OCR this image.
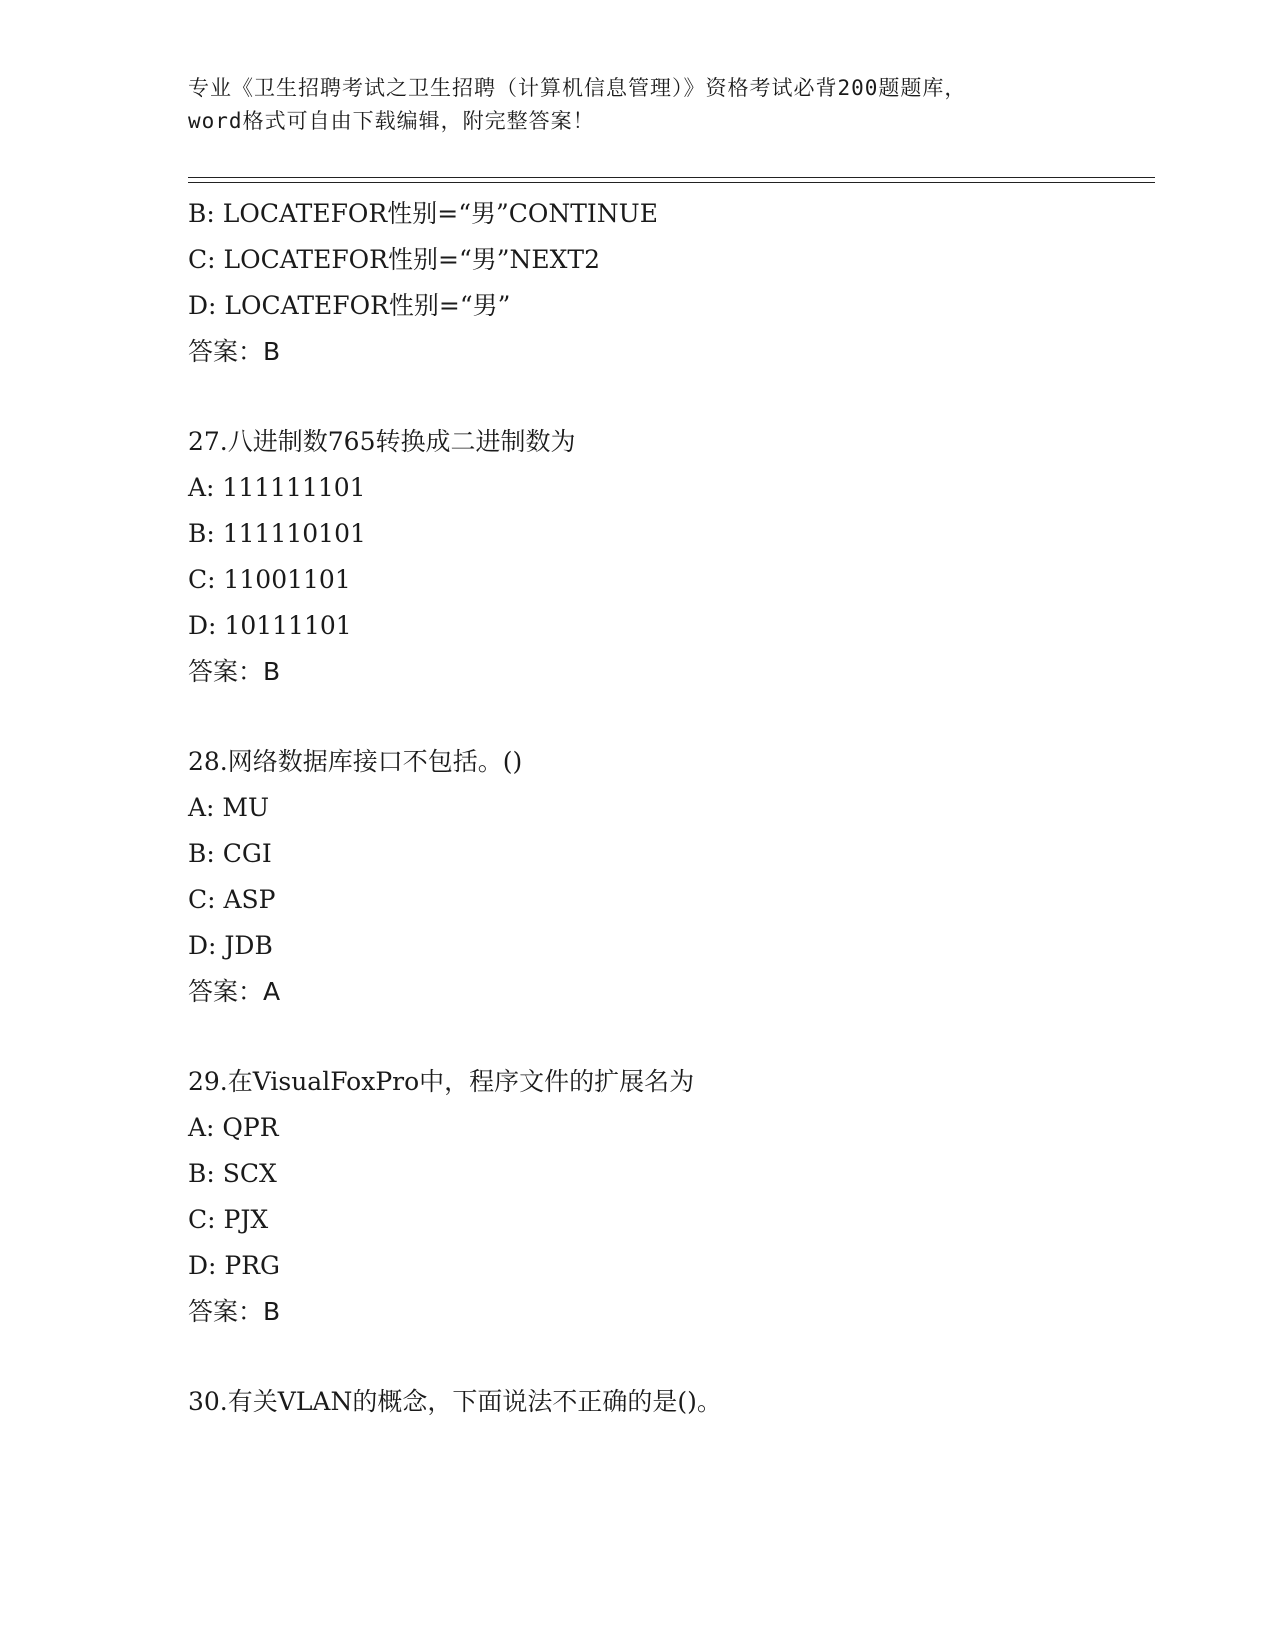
专业《卫生招聘考试之卫生招聘（计算机信息管理）》资格考试必背200题题库，
word格式可自由下载编辑，附完整答案！
B: LOCATEFOR性别=“男”CONTINUE
C: LOCATEFOR性别=“男”NEXT2
D: LOCATEFOR性别=“男”
答案：B
27.八进制数765转换成二进制数为
A: 111111101
B: 111110101
C: 11001101
D: 10111101
答案：B
28.网络数据库接口不包括。()
A: MU
B: CGI
C: ASP
D: JDB
答案：A
29.在VisualFoxPro中，程序文件的扩展名为
A: QPR
B: SCX
C: PJX
D: PRG
答案：B
30.有关VLAN的概念，下面说法不正确的是()。
